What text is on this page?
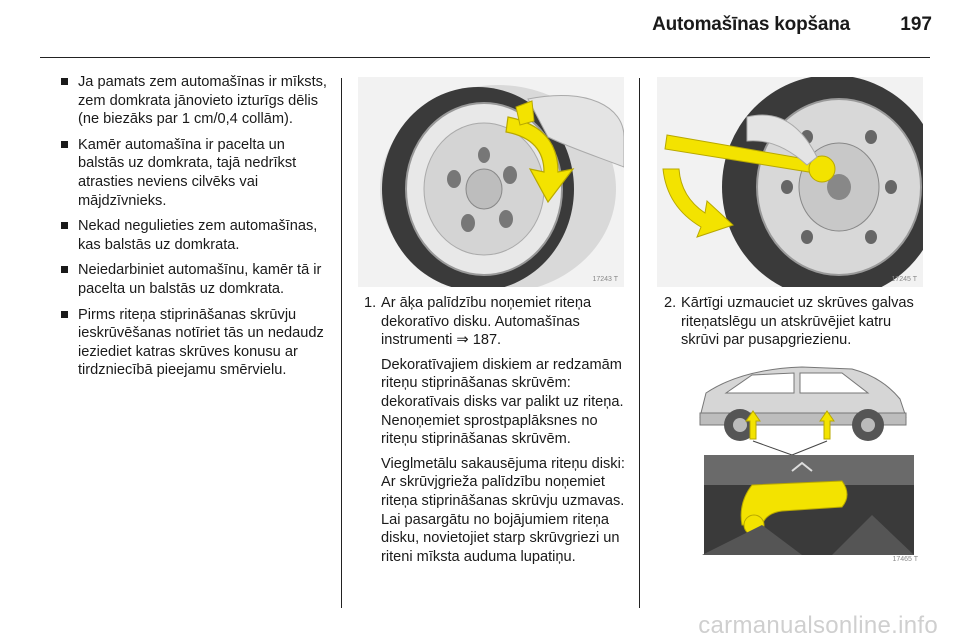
Automašīnas kopšana	197
Ja pamats zem automašīnas ir mīksts, zem domkrata jānovieto izturīgs dēlis (ne biezāks par 1 cm/0,4 collām).
Kamēr automašīna ir pacelta un balstās uz domkrata, tajā nedrīkst atrasties neviens cilvēks vai mājdzīvnieks.
Nekad negulieties zem automašīnas, kas balstās uz domkrata.
Neiedarbiniet automašīnu, kamēr tā ir pacelta un balstās uz domkrata.
Pirms riteņa stiprināšanas skrūvju ieskrūvēšanas notīriet tās un nedaudz ieziediet katras skrūves konusu ar tirdzniecībā pieejamu smērvielu.
17243 T
1. Ar āķa palīdzību noņemiet riteņa dekoratīvo disku. Automašīnas instrumenti ⇒ 187.
Dekoratīvajiem diskiem ar redzamām riteņu stiprināšanas skrūvēm: dekoratīvais disks var palikt uz riteņa. Nenoņemiet sprostpaplāksnes no riteņu stiprināšanas skrūvēm.
Vieglmetālu sakausējuma riteņu diski: Ar skrūvjgrieža palīdzību noņemiet riteņa stiprināšanas skrūvju uzmavas. Lai pasargātu no bojājumiem riteņa disku, novietojiet starp skrūvgriezi un riteni mīksta auduma lupatiņu.
17245 T
2. Kārtīgi uzmauciet uz skrūves galvas riteņatslēgu un atskrūvējiet katru skrūvi par pusapgriezienu.
17465 T
carmanualsonline.info
